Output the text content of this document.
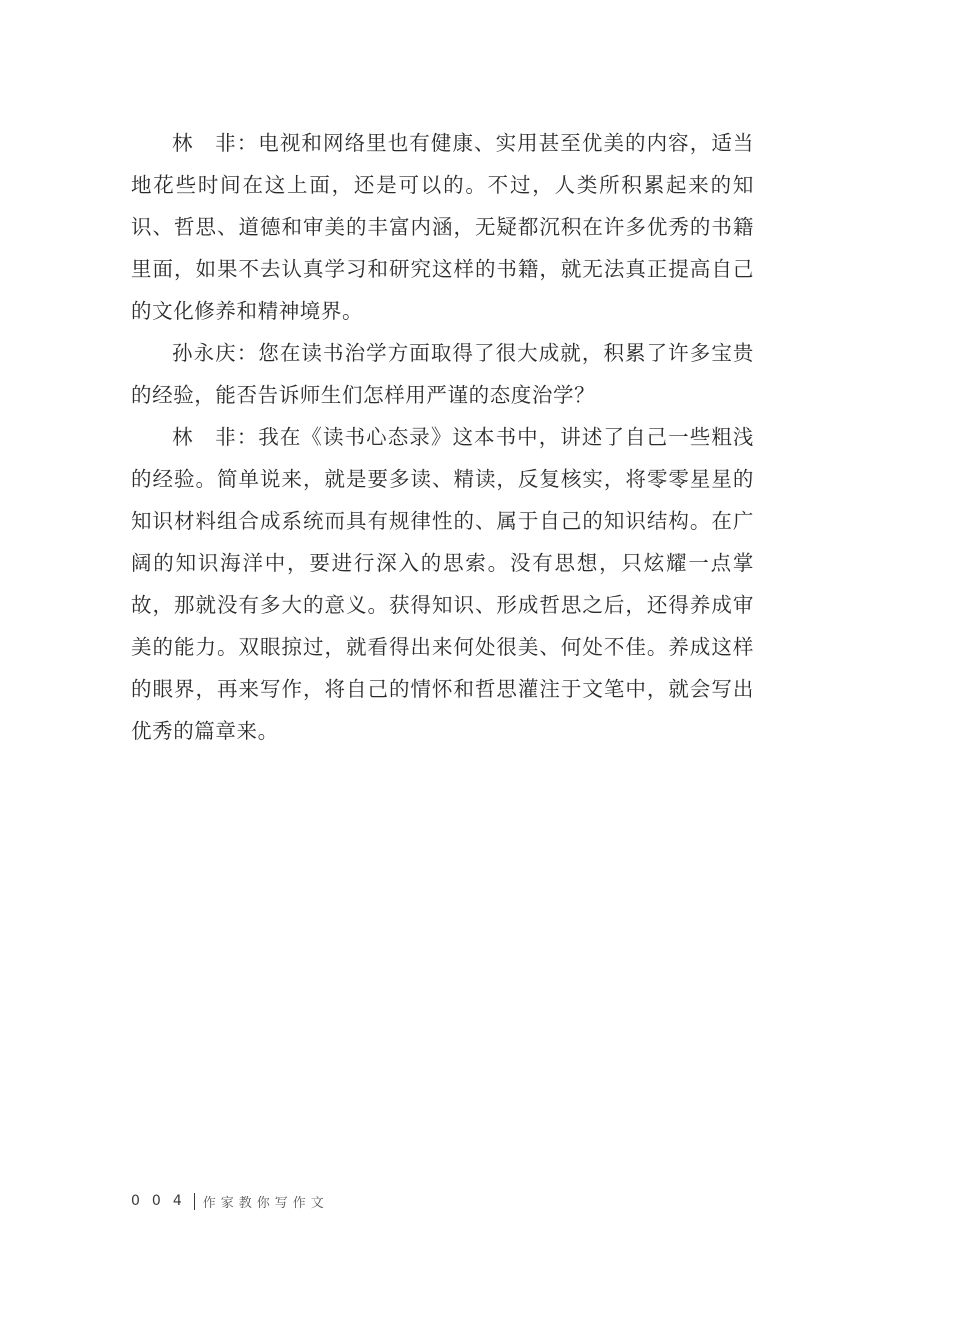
林　非：电视和网络里也有健康、实用甚至优美的内容，适当地花些时间在这上面，还是可以的。不过，人类所积累起来的知识、哲思、道德和审美的丰富内涵，无疑都沉积在许多优秀的书籍里面，如果不去认真学习和研究这样的书籍，就无法真正提高自己的文化修养和精神境界。

孙永庆：您在读书治学方面取得了很大成就，积累了许多宝贵的经验，能否告诉师生们怎样用严谨的态度治学？

林　非：我在《读书心态录》这本书中，讲述了自己一些粗浅的经验。简单说来，就是要多读、精读，反复核实，将零零星星的知识材料组合成系统而具有规律性的、属于自己的知识结构。在广阔的知识海洋中，要进行深入的思索。没有思想，只炫耀一点掌故，那就没有多大的意义。获得知识、形成哲思之后，还得养成审美的能力。双眼掠过，就看得出来何处很美、何处不佳。养成这样的眼界，再来写作，将自己的情怀和哲思灌注于文笔中，就会写出优秀的篇章来。

004 作家教你写作文
